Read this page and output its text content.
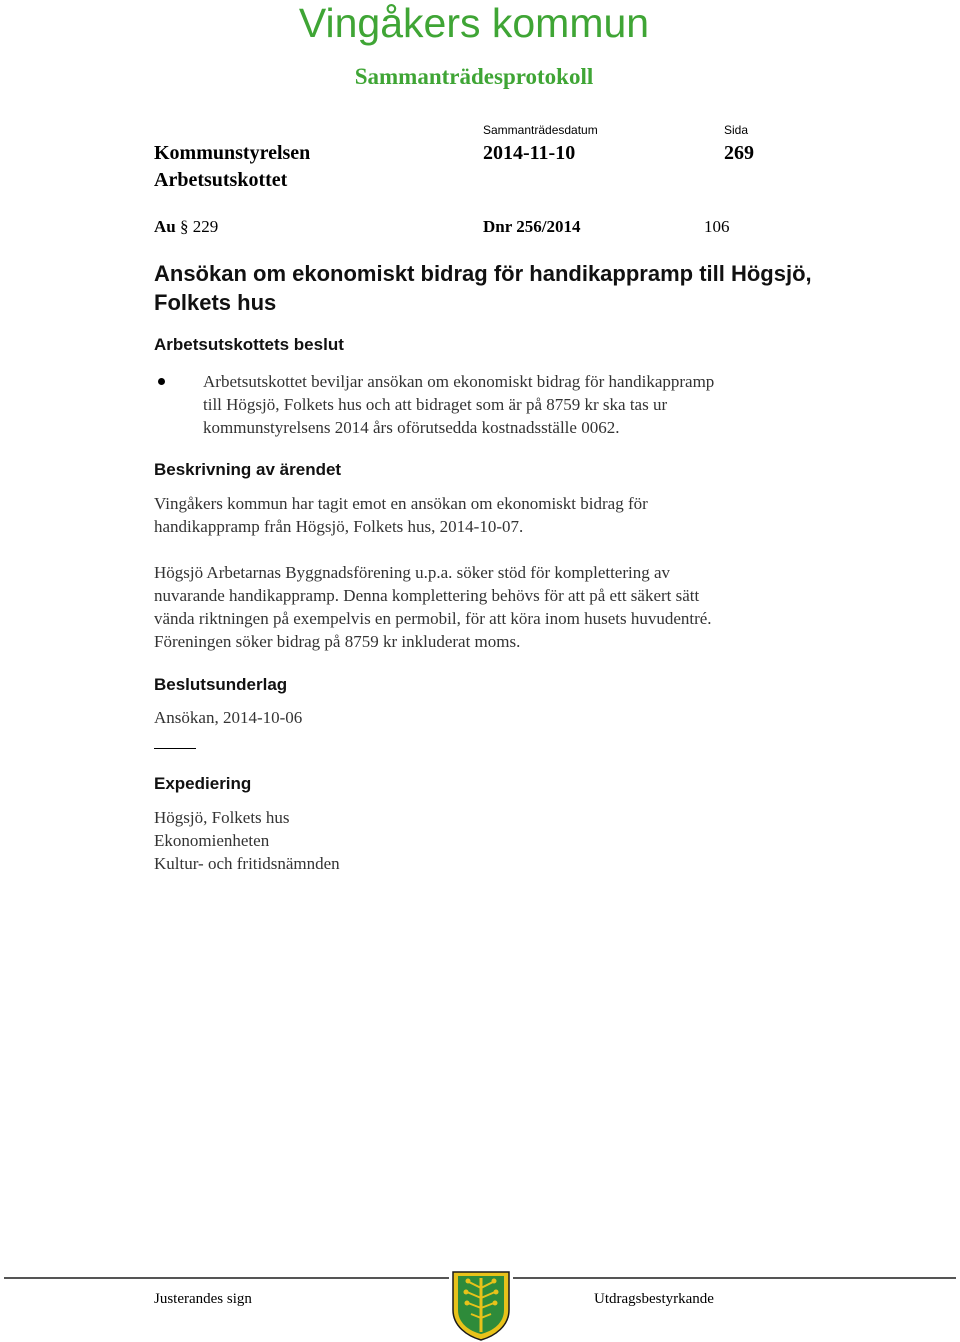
Vingåkers kommun
Sammanträdesprotokoll
Sammanträdesdatum	Sida
Kommunstyrelsen	2014-11-10	269
Arbetsutskottet
Au § 229	Dnr 256/2014	106
Ansökan om ekonomiskt bidrag för handikappramp till Högsjö, Folkets hus
Arbetsutskottets beslut
Arbetsutskottet beviljar ansökan om ekonomiskt bidrag för handikappramp
till Högsjö, Folkets hus och att bidraget som är på 8759 kr ska tas ur
kommunstyrelsens 2014 års oförutsedda kostnadsställe 0062.
Beskrivning av ärendet
Vingåkers kommun har tagit emot en ansökan om ekonomiskt bidrag för
handikappramp från Högsjö, Folkets hus, 2014-10-07.
Högsjö Arbetarnas Byggnadsförening u.p.a. söker stöd för komplettering av
nuvarande handikappramp. Denna komplettering behövs för att på ett säkert sätt
vända riktningen på exempelvis en permobil, för att köra inom husets huvudentré.
Föreningen söker bidrag på 8759 kr inkluderat moms.
Beslutsunderlag
Ansökan, 2014-10-06
Expediering
Högsjö, Folkets hus
Ekonomienheten
Kultur- och fritidsnämnden
Justerandes sign	Utdragsbestyrkande
